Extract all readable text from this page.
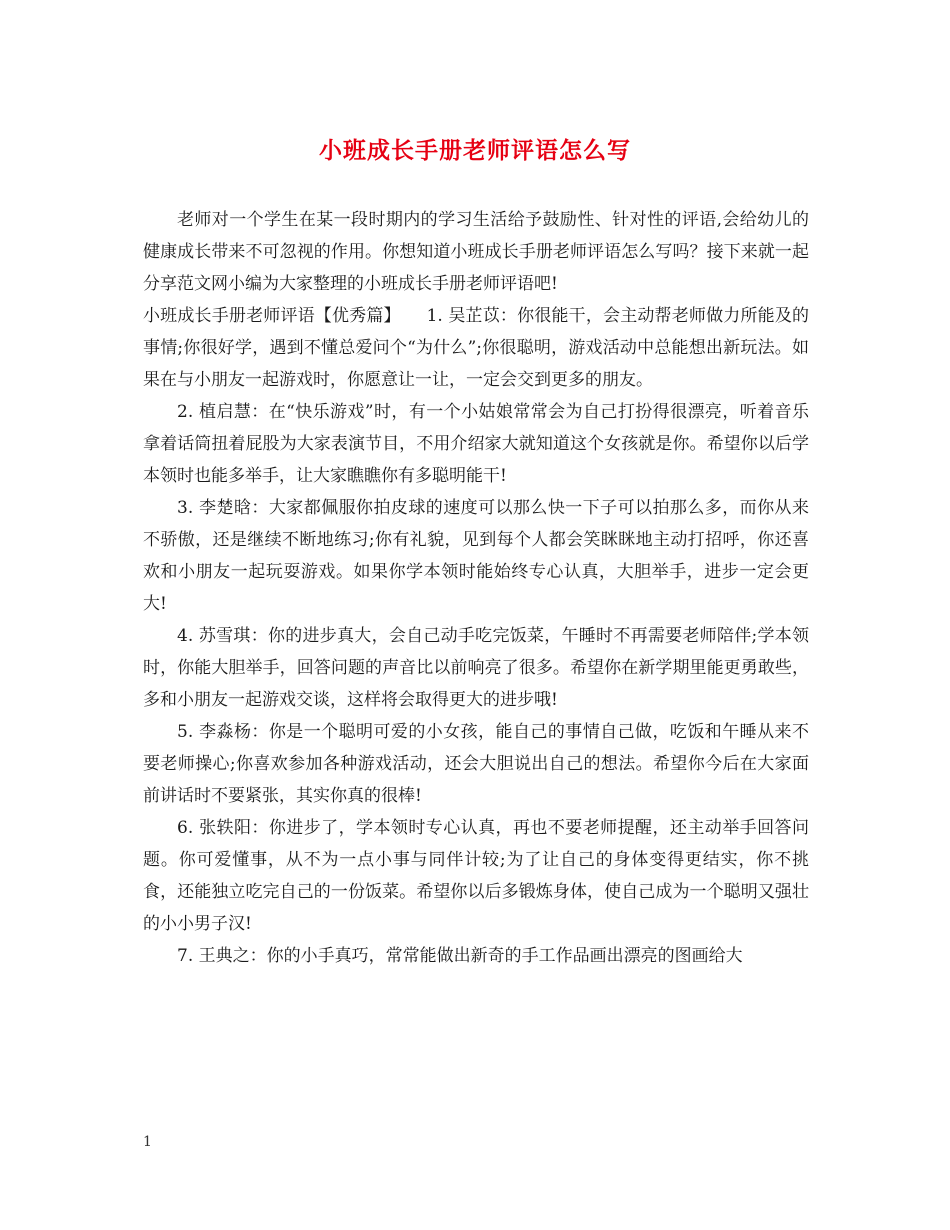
小班成长手册老师评语怎么写

老师对一个学生在某一段时期内的学习生活给予鼓励性、针对性的评语,会给幼儿的健康成长带来不可忽视的作用。你想知道小班成长手册老师评语怎么写吗？接下来就一起分享范文网小编为大家整理的小班成长手册老师评语吧!

小班成长手册老师评语【优秀篇】　　1. 吴芷苡：你很能干，会主动帮老师做力所能及的事情;你很好学，遇到不懂总爱问个“为什么”;你很聪明，游戏活动中总能想出新玩法。如果在与小朋友一起游戏时，你愿意让一让，一定会交到更多的朋友。

2. 植启慧：在“快乐游戏”时，有一个小姑娘常常会为自己打扮得很漂亮，听着音乐拿着话筒扭着屁股为大家表演节目，不用介绍家大就知道这个女孩就是你。希望你以后学本领时也能多举手，让大家瞧瞧你有多聪明能干!

3. 李楚晗：大家都佩服你拍皮球的速度可以那么快一下子可以拍那么多，而你从来不骄傲，还是继续不断地练习;你有礼貌，见到每个人都会笑眯眯地主动打招呼，你还喜欢和小朋友一起玩耍游戏。如果你学本领时能始终专心认真，大胆举手，进步一定会更大!

4. 苏雪琪：你的进步真大，会自己动手吃完饭菜，午睡时不再需要老师陪伴;学本领时，你能大胆举手，回答问题的声音比以前响亮了很多。希望你在新学期里能更勇敢些，多和小朋友一起游戏交谈，这样将会取得更大的进步哦!

5. 李淼杨：你是一个聪明可爱的小女孩，能自己的事情自己做，吃饭和午睡从来不要老师操心;你喜欢参加各种游戏活动，还会大胆说出自己的想法。希望你今后在大家面前讲话时不要紧张，其实你真的很棒!

6. 张轶阳：你进步了，学本领时专心认真，再也不要老师提醒，还主动举手回答问题。你可爱懂事，从不为一点小事与同伴计较;为了让自己的身体变得更结实，你不挑食，还能独立吃完自己的一份饭菜。希望你以后多锻炼身体，使自己成为一个聪明又强壮的小小男子汉!

7. 王典之：你的小手真巧，常常能做出新奇的手工作品画出漂亮的图画给大

1
